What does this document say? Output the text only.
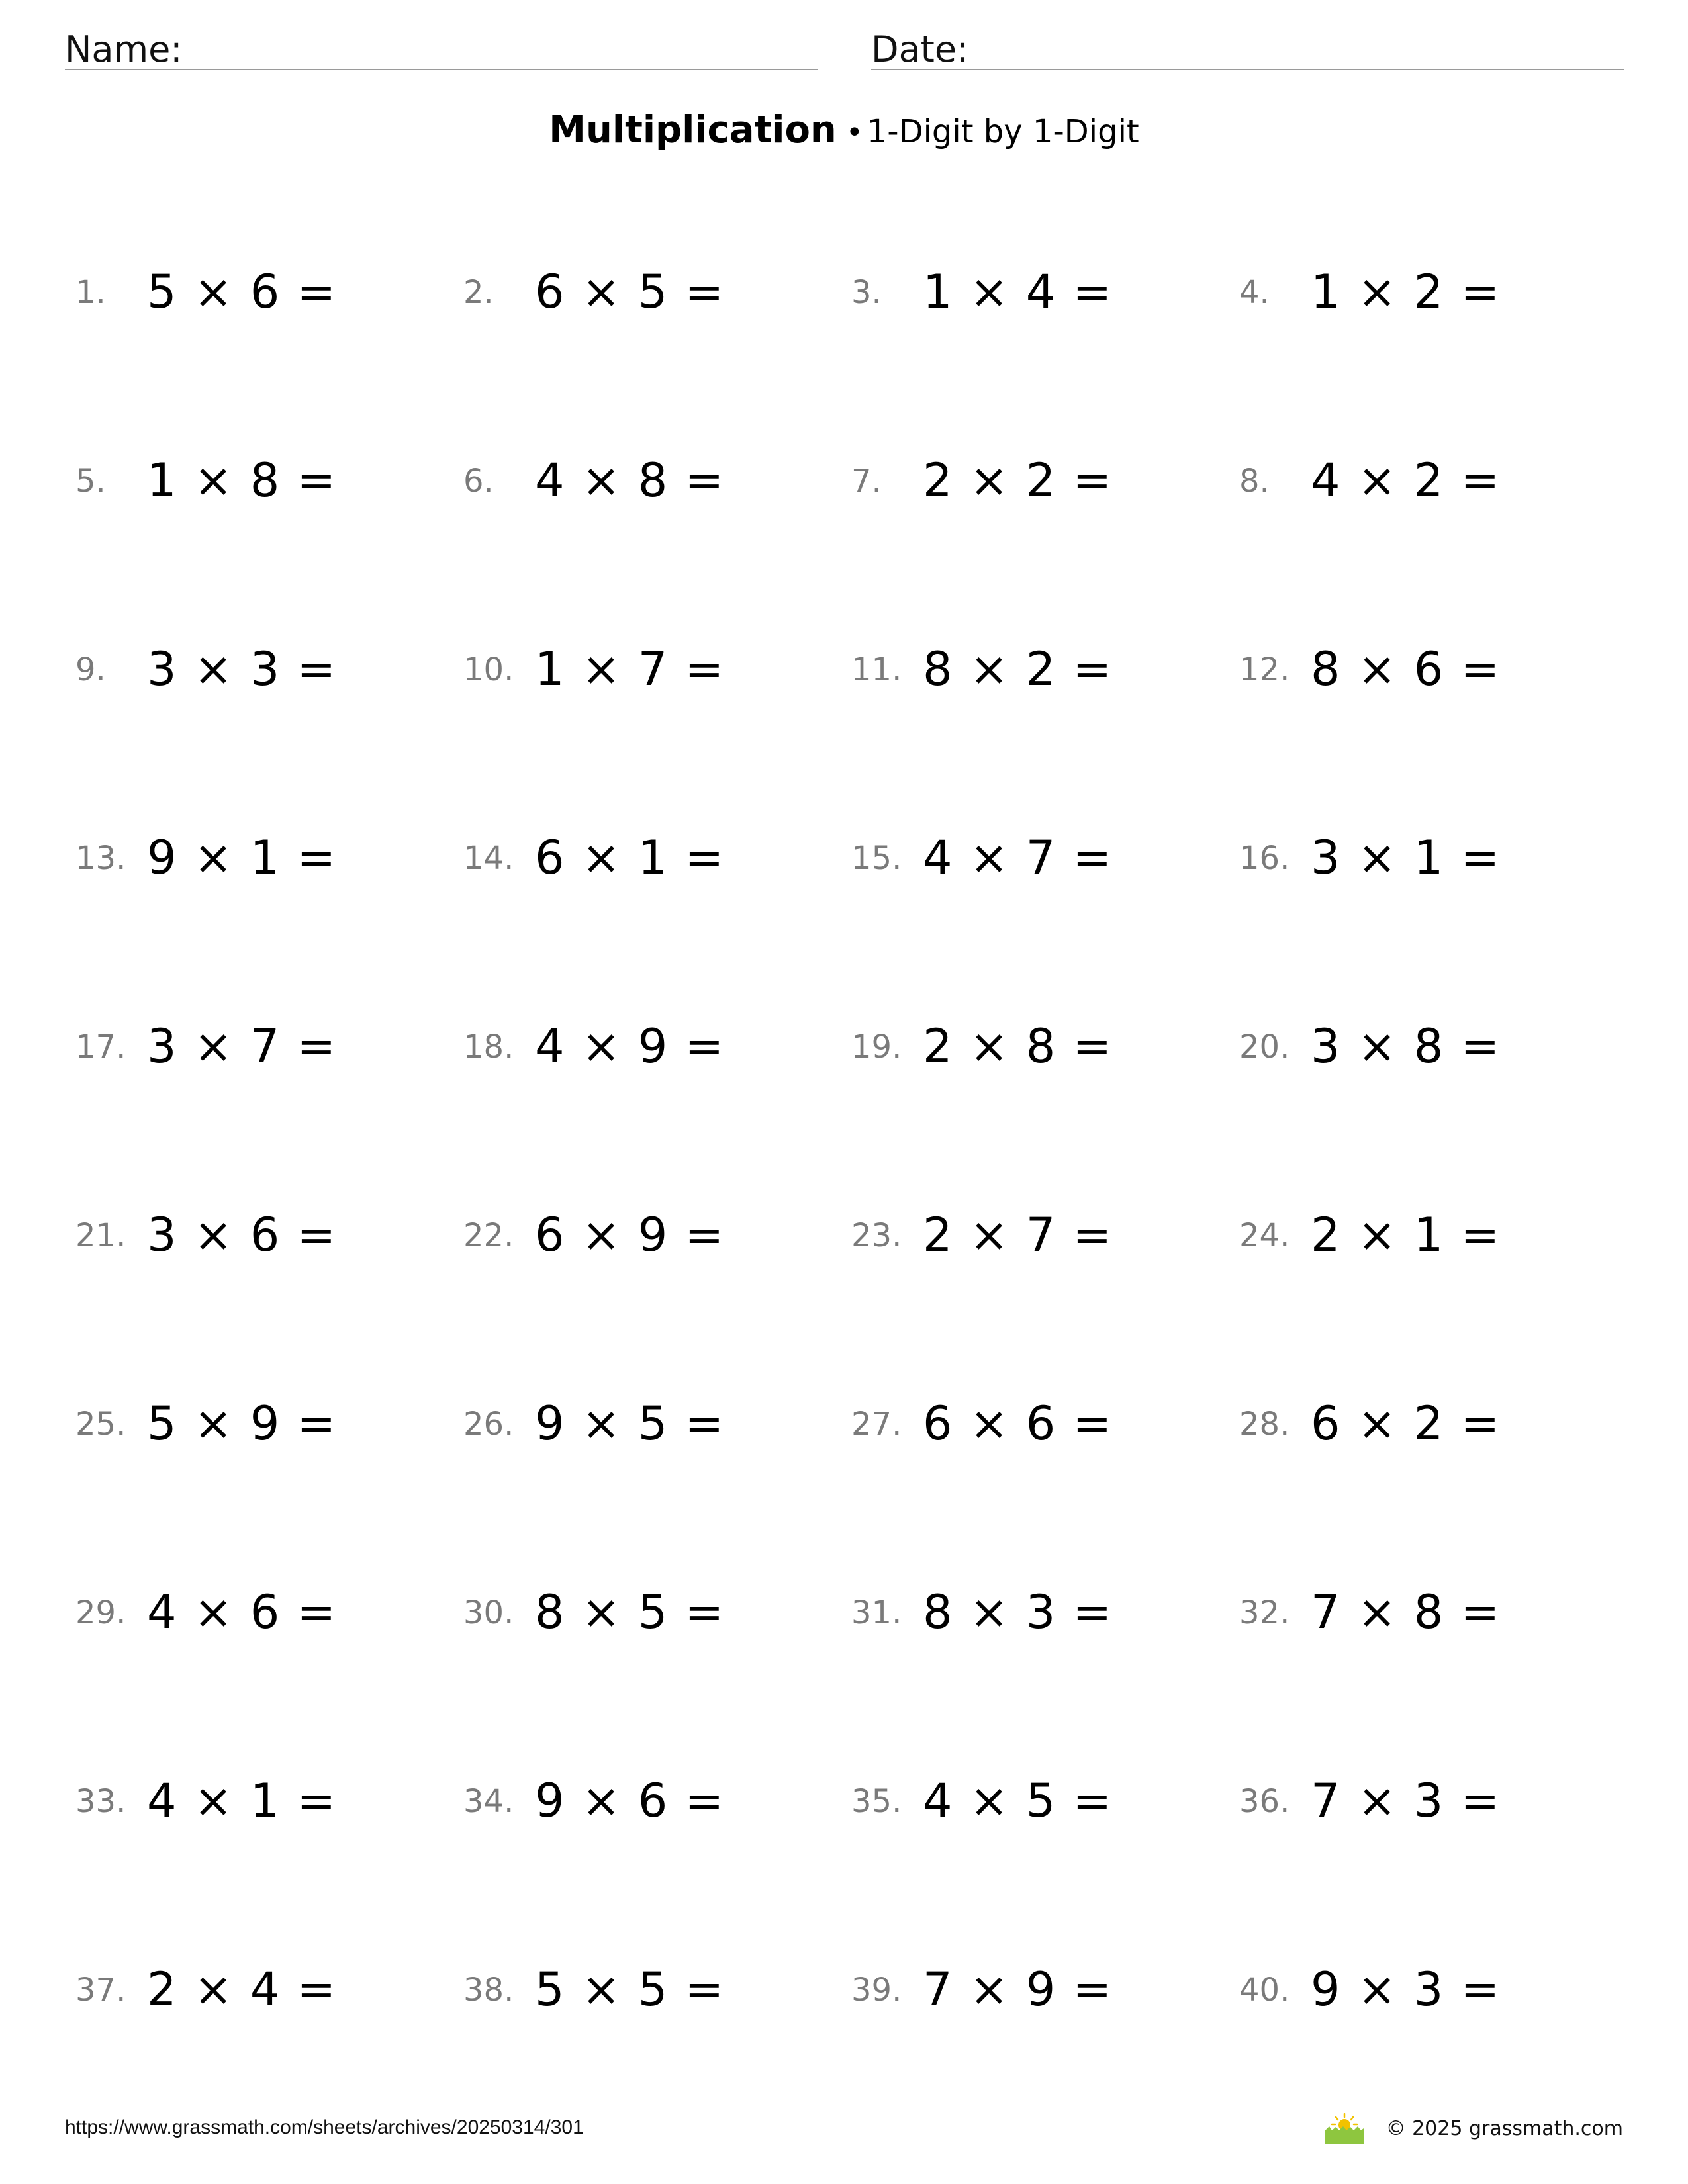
Name:	Date:
Multiplication • 1-Digit by 1-Digit
1. 5 × 6 =	2. 6 × 5 =	3. 1 × 4 =	4. 1 × 2 =
5. 1 × 8 =	6. 4 × 8 =	7. 2 × 2 =	8. 4 × 2 =
9. 3 × 3 =	10. 1 × 7 =	11. 8 × 2 =	12. 8 × 6 =
13. 9 × 1 =	14. 6 × 1 =	15. 4 × 7 =	16. 3 × 1 =
17. 3 × 7 =	18. 4 × 9 =	19. 2 × 8 =	20. 3 × 8 =
21. 3 × 6 =	22. 6 × 9 =	23. 2 × 7 =	24. 2 × 1 =
25. 5 × 9 =	26. 9 × 5 =	27. 6 × 6 =	28. 6 × 2 =
29. 4 × 6 =	30. 8 × 5 =	31. 8 × 3 =	32. 7 × 8 =
33. 4 × 1 =	34. 9 × 6 =	35. 4 × 5 =	36. 7 × 3 =
37. 2 × 4 =	38. 5 × 5 =	39. 7 × 9 =	40. 9 × 3 =
https://www.grassmath.com/sheets/archives/20250314/301	© 2025 grassmath.com
